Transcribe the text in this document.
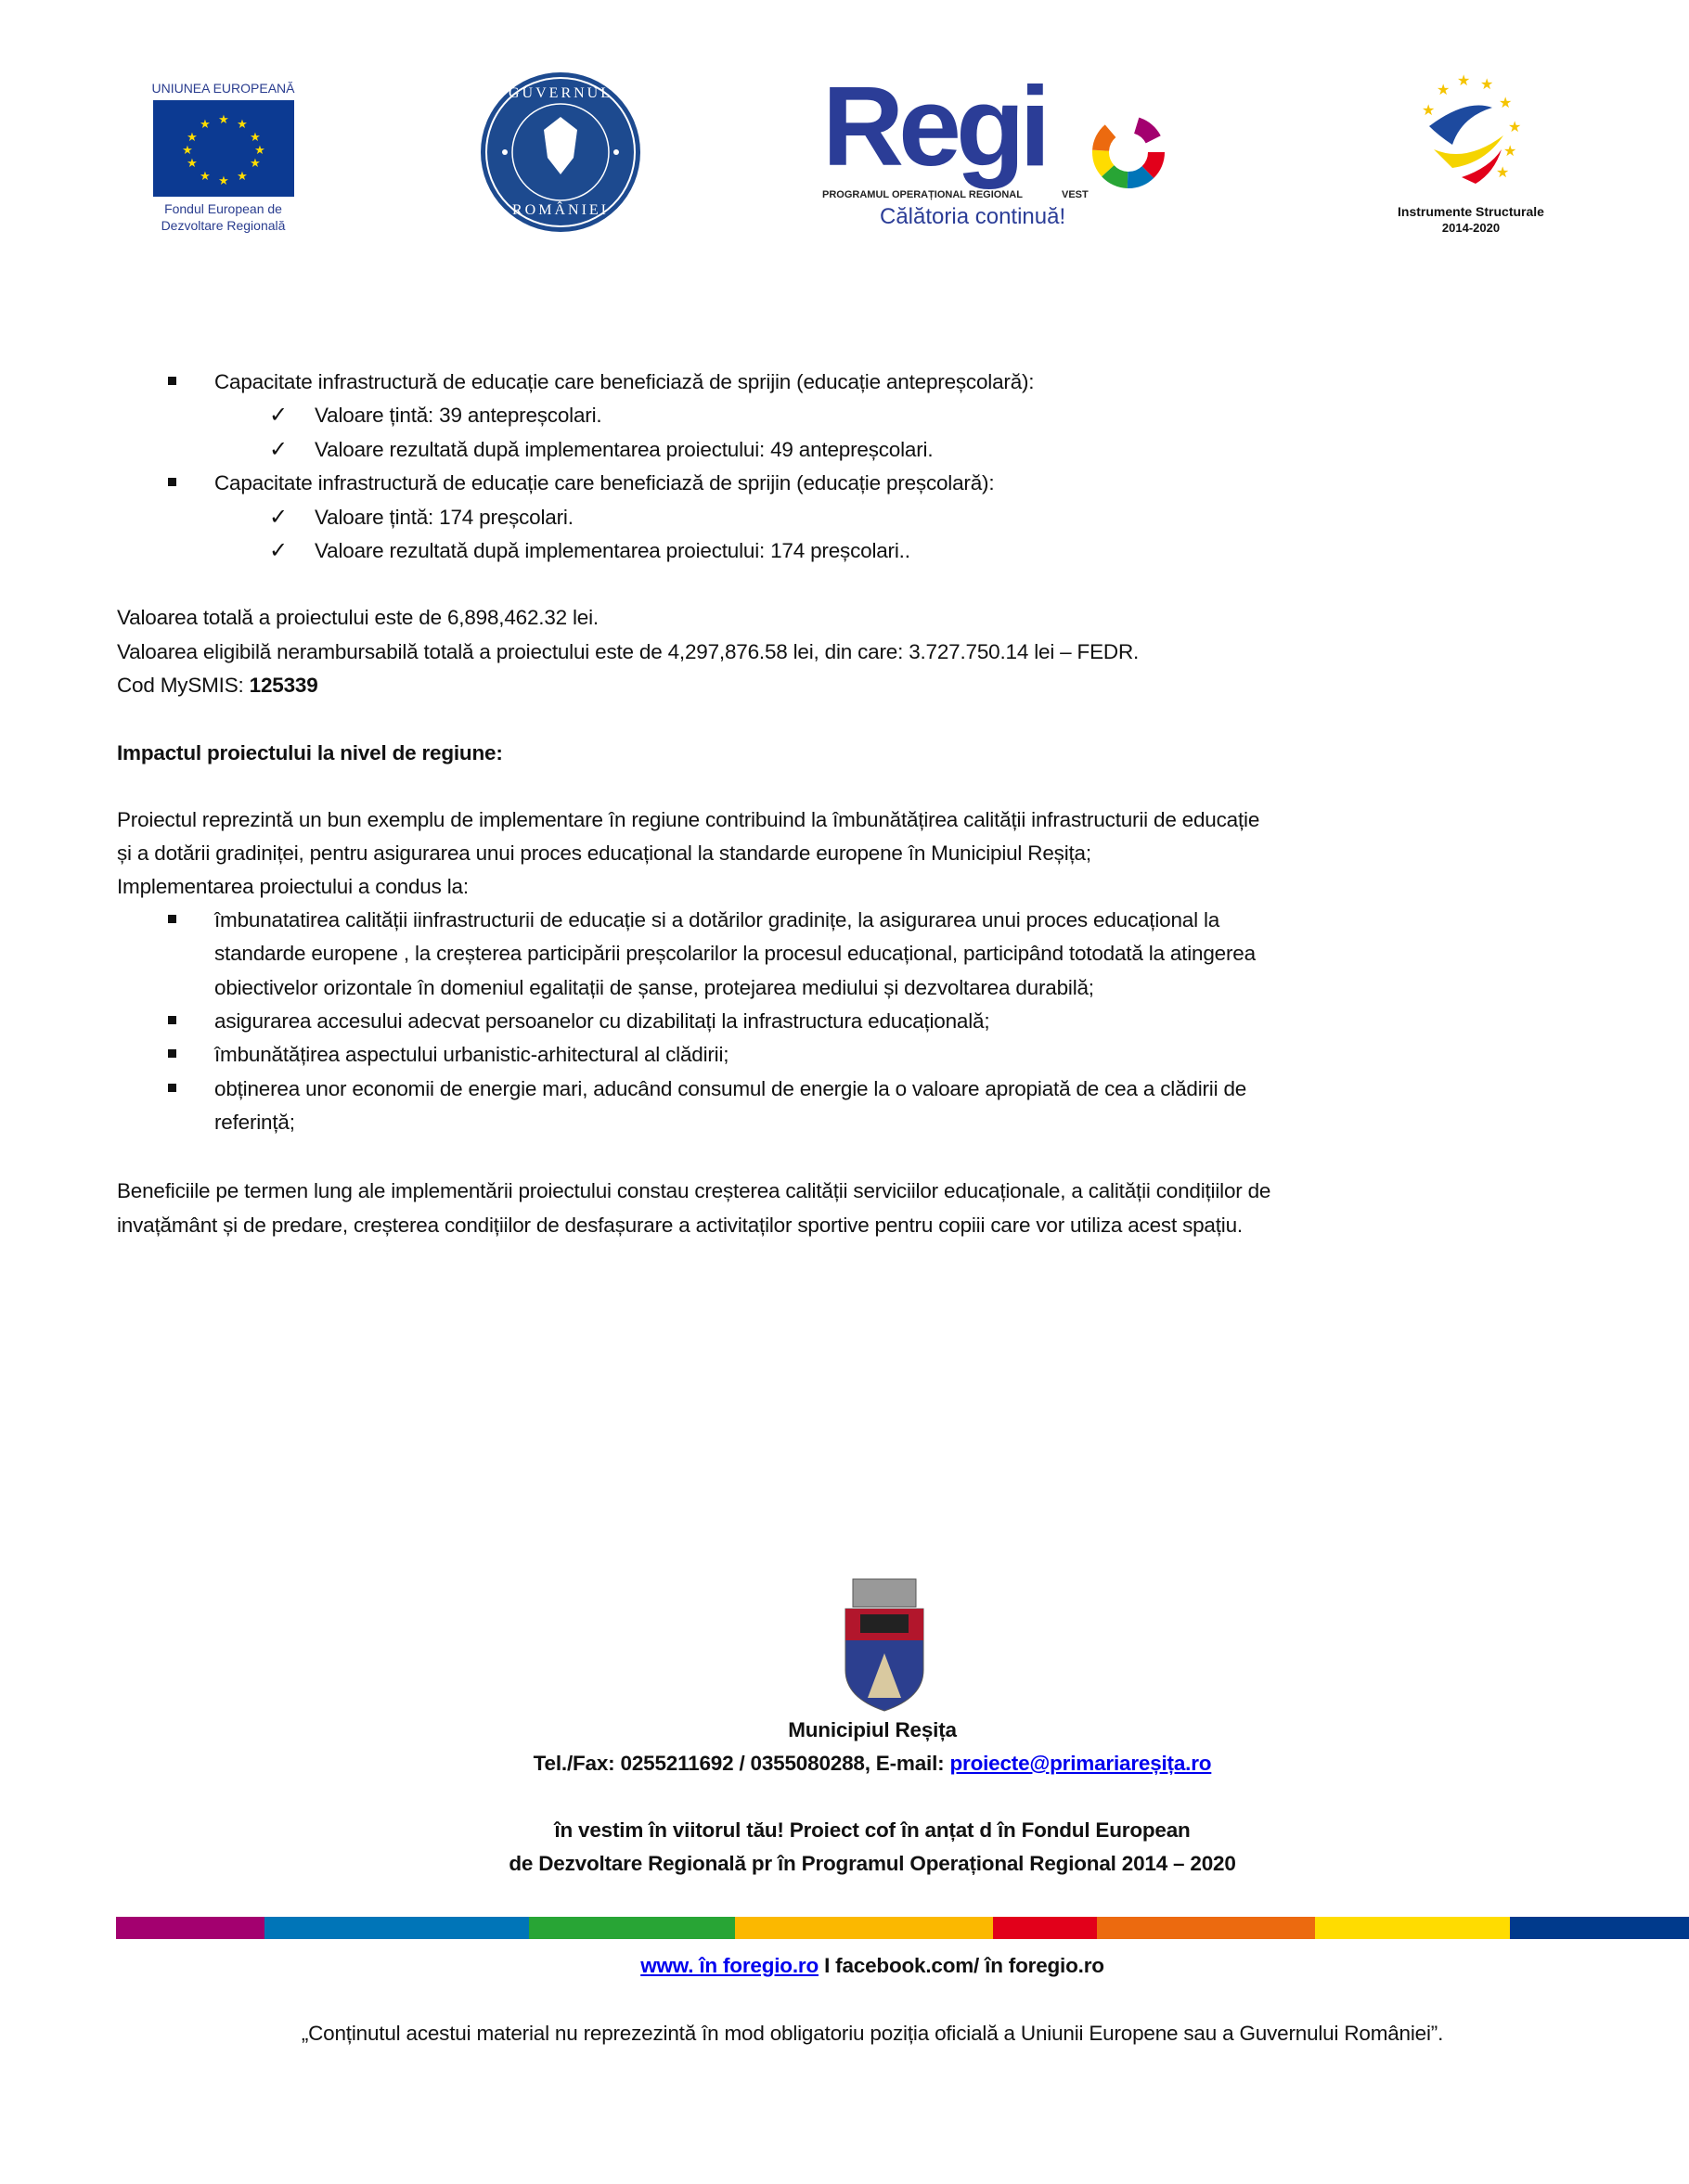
UNIUNEA EUROPEANĂ
★ ★
★
★
★
★
★
★
★
★
★
★
Fondul European de
Dezvoltare Regională
GUVERNUL
ROMÂNIEI
Regi
PROGRAMUL OPERAȚIONAL REGIONAL	VEST
Călătoria continuă!
★ ★
★
★
★
★
★
★
Instrumente Structurale
2014-2020
Capacitate infrastructură de educație care beneficiază de sprijin (educație antepreșcolară):
✓ Valoare țintă: 39 antepreșcolari.
✓ Valoare rezultată după implementarea proiectului: 49 antepreșcolari.
Capacitate infrastructură de educație care beneficiază de sprijin (educație preșcolară):
✓ Valoare țintă: 174 preșcolari.
✓ Valoare rezultată după implementarea proiectului: 174 preșcolari..
Valoarea totală a proiectului este de 6,898,462.32 lei.
Valoarea eligibilă nerambursabilă totală a proiectului este de 4,297,876.58 lei, din care: 3.727.750.14 lei – FEDR.
Cod MySMIS: 125339
Impactul proiectului la nivel de regiune:
Proiectul reprezintă un bun exemplu de implementare în regiune contribuind la îmbunătățirea calității infrastructurii de educație
și a dotării gradiniței, pentru asigurarea unui proces educațional la standarde europene în Municipiul Reșița;
Implementarea proiectului a condus la:
îmbunatatirea calității iinfrastructurii de educație si a dotărilor gradinițe, la asigurarea unui proces educațional la
standarde europene , la creșterea participării preșcolarilor la procesul educațional, participând totodată la atingerea
obiectivelor orizontale în domeniul egalitații de șanse, protejarea mediului și dezvoltarea durabilă;
asigurarea accesului adecvat persoanelor cu dizabilitați la infrastructura educațională;
îmbunătățirea aspectului urbanistic-arhitectural al clădirii;
obținerea unor economii de energie mari, aducând consumul de energie la o valoare apropiată de cea a clădirii de
referință;
Beneficiile pe termen lung ale implementării proiectului constau creșterea calității serviciilor educaționale, a calității condițiilor de
invațământ și de predare, creșterea condițiilor de desfașurare a activitaților sportive pentru copiii care vor utiliza acest spațiu.
Municipiul Reșița
Tel./Fax: 0255211692 / 0355080288, E-mail: proiecte@primariareșița.ro
în vestim în viitorul tău! Proiect cof în anțat d în Fondul European
de Dezvoltare Regională pr în Programul Operațional Regional 2014 – 2020
www. în foregio.ro I facebook.com/ în foregio.ro
„Conținutul acestui material nu reprezezintă în mod obligatoriu poziția oficială a Uniunii Europene sau a Guvernului României”.
